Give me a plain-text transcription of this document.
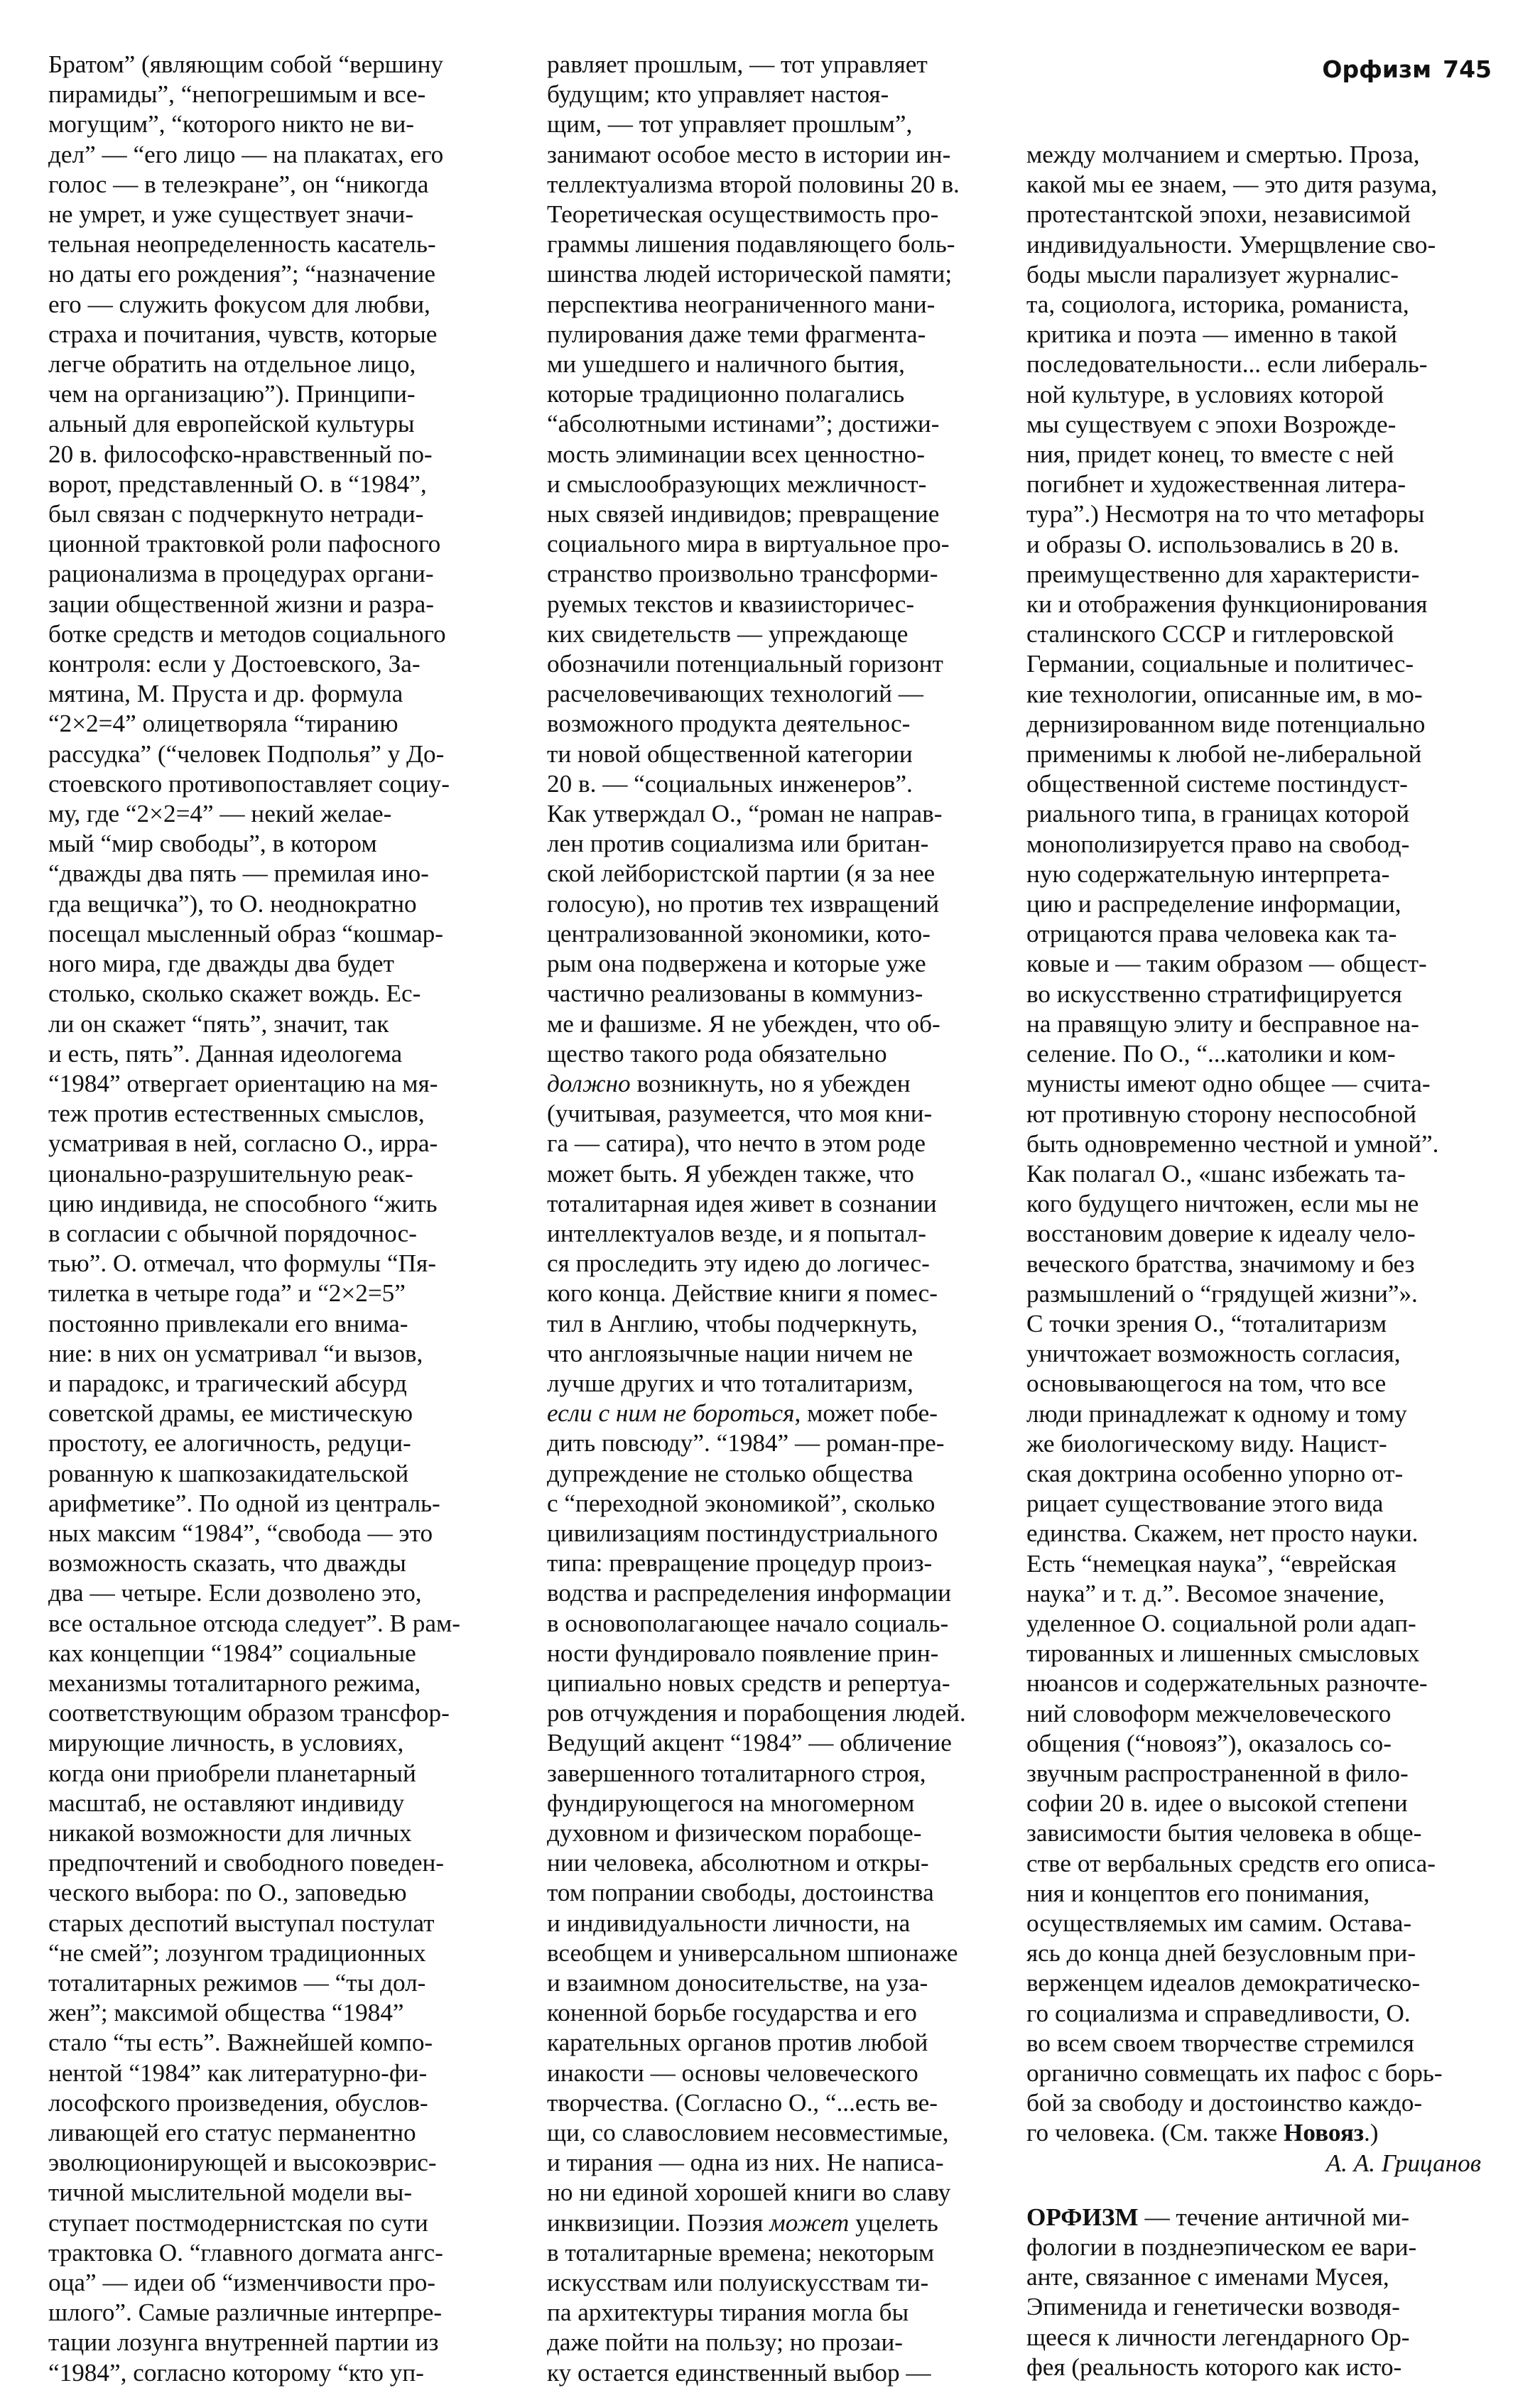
Орфизм 745

Братом” (являющим собой “вершину

пирамиды”, “непогрешимым и все-

могущим”, “которого никто не ви-

дел” — “его лицо — на плакатах, его

голос — в телеэкране”, он “никогда

не умрет, и уже существует значи-

тельная неопределенность касатель-

но даты его рождения”; “назначение

его — служить фокусом для любви,

страха и почитания, чувств, которые

легче обратить на отдельное лицо,

чем на организацию”). Принципи-

альный для европейской культуры

20 в. философско-нравственный по-

ворот, представленный О. в “1984”,

был связан с подчеркнуто нетради-

ционной трактовкой роли пафосного

рационализма в процедурах органи-

зации общественной жизни и разра-

ботке средств и методов социального

контроля: если у Достоевского, За-

мятина, М. Пруста и др. формула

“2×2=4” олицетворяла “тиранию

рассудка” (“человек Подполья” у До-

стоевского противопоставляет социу-

му, где “2×2=4” — некий желае-

мый “мир свободы”, в котором

“дважды два пять — премилая ино-

гда вещичка”), то О. неоднократно

посещал мысленный образ “кошмар-

ного мира, где дважды два будет

столько, сколько скажет вождь. Ес-

ли он скажет “пять”, значит, так

и есть, пять”. Данная идеологема

“1984” отвергает ориентацию на мя-

теж против естественных смыслов,

усматривая в ней, согласно О., ирра-

ционально-разрушительную реак-

цию индивида, не способного “жить

в согласии с обычной порядочнос-

тью”. О. отмечал, что формулы “Пя-

тилетка в четыре года” и “2×2=5”

постоянно привлекали его внима-

ние: в них он усматривал “и вызов,

и парадокс, и трагический абсурд

советской драмы, ее мистическую

простоту, ее алогичность, редуци-

рованную к шапкозакидательской

арифметике”. По одной из централь-

ных максим “1984”, “свобода — это

возможность сказать, что дважды

два — четыре. Если дозволено это,

все остальное отсюда следует”. В рам-

ках концепции “1984” социальные

механизмы тоталитарного режима,

соответствующим образом трансфор-

мирующие личность, в условиях,

когда они приобрели планетарный

масштаб, не оставляют индивиду

никакой возможности для личных

предпочтений и свободного поведен-

ческого выбора: по О., заповедью

старых деспотий выступал постулат

“не смей”; лозунгом традиционных

тоталитарных режимов — “ты дол-

жен”; максимой общества “1984”

стало “ты есть”. Важнейшей компо-

нентой “1984” как литературно-фи-

лософского произведения, обуслов-

ливающей его статус перманентно

эволюционирующей и высокоэврис-

тичной мыслительной модели вы-

ступает постмодернистская по сути

трактовка О. “главного догмата ангс-

оца” — идеи об “изменчивости про-

шлого”. Самые различные интерпре-

тации лозунга внутренней партии из

“1984”, согласно которому “кто уп-

равляет прошлым, — тот управляет

будущим; кто управляет настоя-

щим, — тот управляет прошлым”,

занимают особое место в истории ин-

теллектуализма второй половины 20 в.

Теоретическая осуществимость про-

граммы лишения подавляющего боль-

шинства людей исторической памяти;

перспектива неограниченного мани-

пулирования даже теми фрагмента-

ми ушедшего и наличного бытия,

которые традиционно полагались

“абсолютными истинами”; достижи-

мость элиминации всех ценностно-

и смыслообразующих межличност-

ных связей индивидов; превращение

социального мира в виртуальное про-

странство произвольно трансформи-

руемых текстов и квазиисторичес-

ких свидетельств — упреждающе

обозначили потенциальный горизонт

расчеловечивающих технологий —

возможного продукта деятельнос-

ти новой общественной категории

20 в. — “социальных инженеров”.

Как утверждал О., “роман не направ-

лен против социализма или британ-

ской лейбористской партии (я за нее

голосую), но против тех извращений

централизованной экономики, кото-

рым она подвержена и которые уже

частично реализованы в коммуниз-

ме и фашизме. Я не убежден, что об-

щество такого рода обязательно

должно возникнуть, но я убежден

(учитывая, разумеется, что моя кни-

га — сатира), что нечто в этом роде

может быть. Я убежден также, что

тоталитарная идея живет в сознании

интеллектуалов везде, и я попытал-

ся проследить эту идею до логичес-

кого конца. Действие книги я помес-

тил в Англию, чтобы подчеркнуть,

что англоязычные нации ничем не

лучше других и что тоталитаризм,

если с ним не бороться, может побе-

дить повсюду”. “1984” — роман-пре-

дупреждение не столько общества

с “переходной экономикой”, сколько

цивилизациям постиндустриального

типа: превращение процедур произ-

водства и распределения информации

в основополагающее начало социаль-

ности фундировало появление прин-

ципиально новых средств и репертуа-

ров отчуждения и порабощения людей.

Ведущий акцент “1984” — обличение

завершенного тоталитарного строя,

фундирующегося на многомерном

духовном и физическом порабоще-

нии человека, абсолютном и откры-

том попрании свободы, достоинства

и индивидуальности личности, на

всеобщем и универсальном шпионаже

и взаимном доносительстве, на уза-

коненной борьбе государства и его

карательных органов против любой

инакости — основы человеческого

творчества. (Согласно О., “...есть ве-

щи, со славословием несовместимые,

и тирания — одна из них. Не написа-

но ни единой хорошей книги во славу

инквизиции. Поэзия может уцелеть

в тоталитарные времена; некоторым

искусствам или полуискусствам ти-

па архитектуры тирания могла бы

даже пойти на пользу; но прозаи-

ку остается единственный выбор —

между молчанием и смертью. Проза,

какой мы ее знаем, — это дитя разума,

протестантской эпохи, независимой

индивидуальности. Умерщвление сво-

боды мысли парализует журналис-

та, социолога, историка, романиста,

критика и поэта — именно в такой

последовательности... если либераль-

ной культуре, в условиях которой

мы существуем с эпохи Возрожде-

ния, придет конец, то вместе с ней

погибнет и художественная литера-

тура”.) Несмотря на то что метафоры

и образы О. использовались в 20 в.

преимущественно для характеристи-

ки и отображения функционирования

сталинского СССР и гитлеровской

Германии, социальные и политичес-

кие технологии, описанные им, в мо-

дернизированном виде потенциально

применимы к любой не-либеральной

общественной системе постиндуст-

риального типа, в границах которой

монополизируется право на свобод-

ную содержательную интерпрета-

цию и распределение информации,

отрицаются права человека как та-

ковые и — таким образом — общест-

во искусственно стратифицируется

на правящую элиту и бесправное на-

селение. По О., “...католики и ком-

мунисты имеют одно общее — счита-

ют противную сторону неспособной

быть одновременно честной и умной”.

Как полагал О., «шанс избежать та-

кого будущего ничтожен, если мы не

восстановим доверие к идеалу чело-

веческого братства, значимому и без

размышлений о “грядущей жизни”».

С точки зрения О., “тоталитаризм

уничтожает возможность согласия,

основывающегося на том, что все

люди принадлежат к одному и тому

же биологическому виду. Нацист-

ская доктрина особенно упорно от-

рицает существование этого вида

единства. Скажем, нет просто науки.

Есть “немецкая наука”, “еврейская

наука” и т. д.”. Весомое значение,

уделенное О. социальной роли адап-

тированных и лишенных смысловых

нюансов и содержательных разночте-

ний словоформ межчеловеческого

общения (“новояз”), оказалось со-

звучным распространенной в фило-

софии 20 в. идее о высокой степени

зависимости бытия человека в обще-

стве от вербальных средств его описа-

ния и концептов его понимания,

осуществляемых им самим. Остава-

ясь до конца дней безусловным при-

верженцем идеалов демократическо-

го социализма и справедливости, О.

во всем своем творчестве стремился

органично совмещать их пафос с борь-

бой за свободу и достоинство каждо-

го человека. (См. также Новояз.)

А. А. Грицанов

ОРФИЗМ — течение античной ми-

фологии в позднеэпическом ее вари-

анте, связанное с именами Мусея,

Эпименида и генетически возводя-

щееся к личности легендарного Ор-

фея (реальность которого как исто-
